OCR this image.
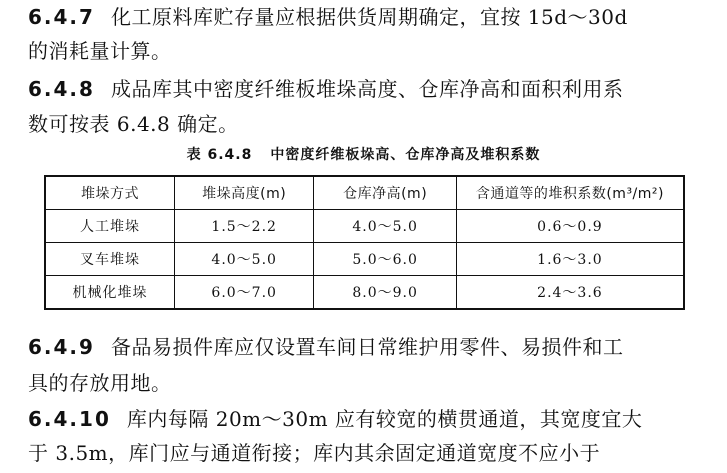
6.4.7 化工原料库贮存量应根据供货周期确定，宜按 15d～30d
的消耗量计算。
6.4.8 成品库其中密度纤维板堆垛高度、仓库净高和面积利用系
数可按表 6.4.8 确定。
表 6.4.8 中密度纤维板垛高、仓库净高及堆积系数
堆垛方式	堆垛高度(m)	仓库净高(m)	含通道等的堆积系数(m³/m²)
人工堆垛	1.5～2.2	4.0～5.0	0.6～0.9
叉车堆垛	4.0～5.0	5.0～6.0	1.6～3.0
机械化堆垛	6.0～7.0	8.0～9.0	2.4～3.6
6.4.9 备品易损件库应仅设置车间日常维护用零件、易损件和工
具的存放用地。
6.4.10 库内每隔 20m～30m 应有较宽的横贯通道，其宽度宜大
于 3.5m，库门应与通道衔接；库内其余固定通道宽度不应小于
